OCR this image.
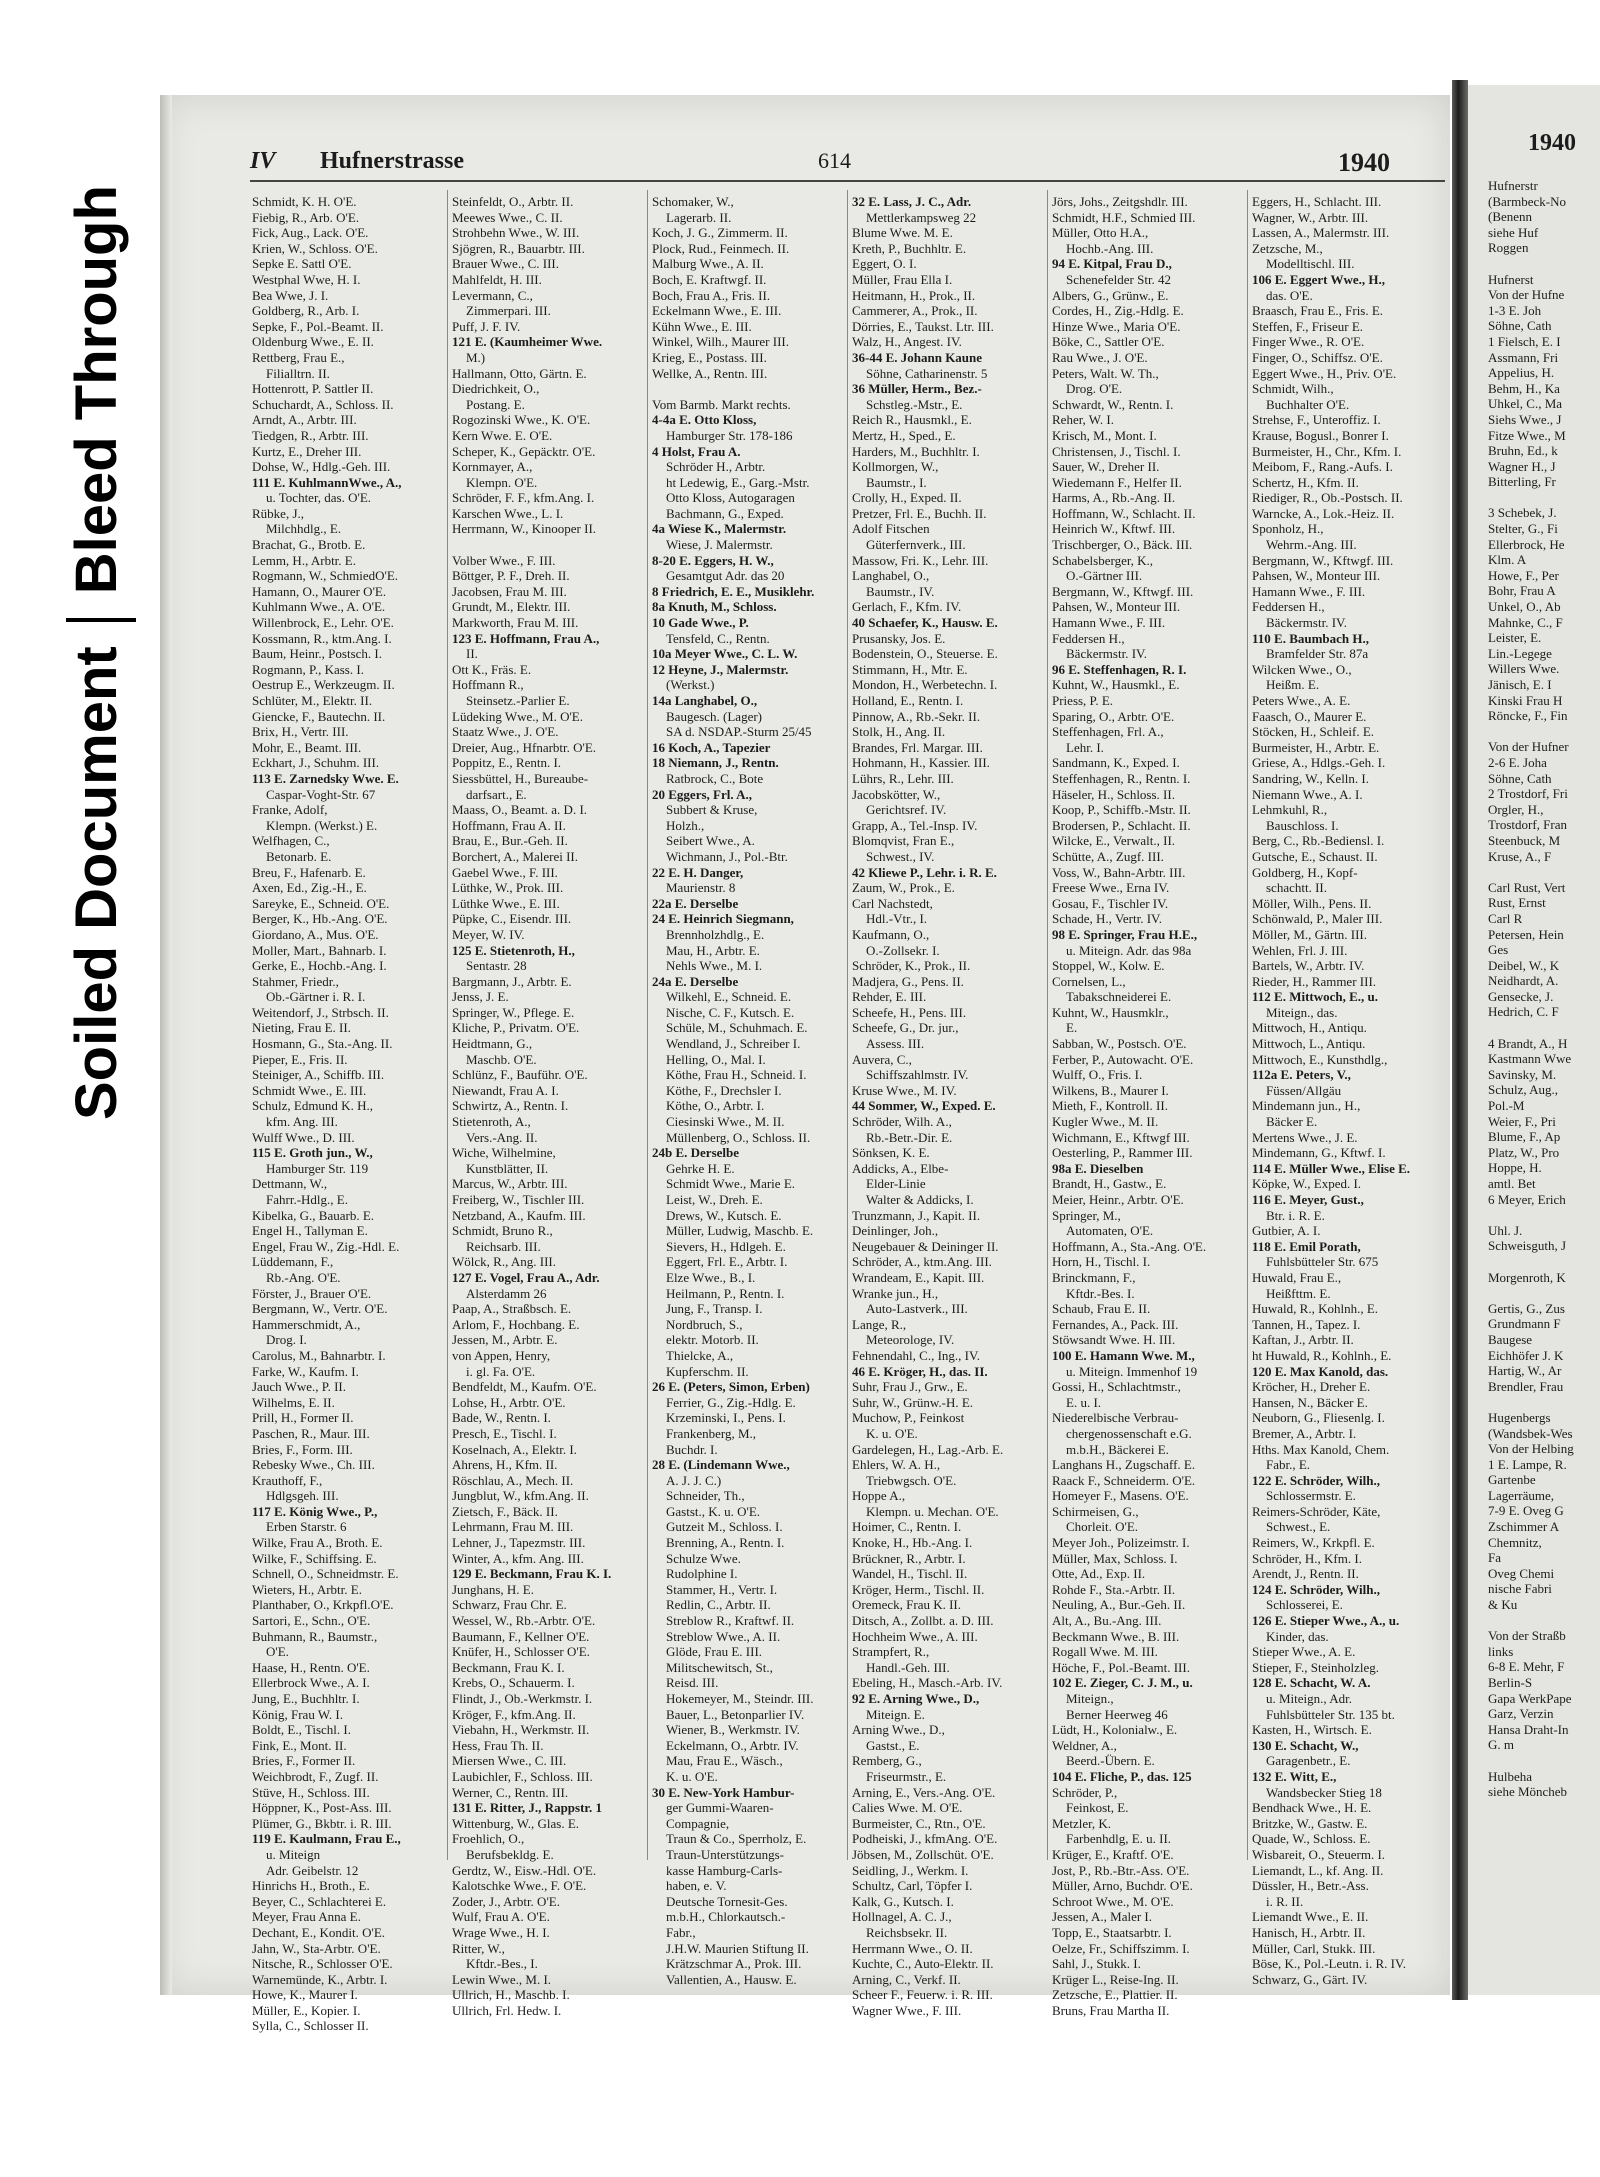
Soiled DocumentBleed Through
IV Hufnerstrasse	614	1940
Schmidt, K. H. O'E.
Fiebig, R., Arb. O'E.
Fick, Aug., Lack. O'E.
Krien, W., Schloss. O'E.
Sepke E. Sattl O'E.
Westphal Wwe, H. I.
Bea Wwe, J. I.
Goldberg, R., Arb. I.
Sepke, F., Pol.-Beamt. II.
Oldenburg Wwe., E. II.
Rettberg, Frau E.,
Filialltrn. II.
Hottenrott, P. Sattler II.
Schuchardt, A., Schloss. II.
Arndt, A., Arbtr. III.
Tiedgen, R., Arbtr. III.
Kurtz, E., Dreher III.
Dohse, W., Hdlg.-Geh. III.
111 E. KuhlmannWwe., A.,
u. Tochter, das. O'E.
Rübke, J.,
Milchhdlg., E.
Brachat, G., Brotb. E.
Lemm, H., Arbtr. E.
Rogmann, W., SchmiedO'E.
Hamann, O., Maurer O'E.
Kuhlmann Wwe., A. O'E.
Willenbrock, E., Lehr. O'E.
Kossmann, R., ktm.Ang. I.
Baum, Heinr., Postsch. I.
Rogmann, P., Kass. I.
Oestrup E., Werkzeugm. II.
Schlüter, M., Elektr. II.
Giencke, F., Bautechn. II.
Brix, H., Vertr. III.
Mohr, E., Beamt. III.
Eckhart, J., Schuhm. III.
113 E. Zarnedsky Wwe. E.
Caspar-Voght-Str. 67
Franke, Adolf,
Klempn. (Werkst.) E.
Welfhagen, C.,
Betonarb. E.
Breu, F., Hafenarb. E.
Axen, Ed., Zig.-H., E.
Sareyke, E., Schneid. O'E.
Berger, K., Hb.-Ang. O'E.
Giordano, A., Mus. O'E.
Moller, Mart., Bahnarb. I.
Gerke, E., Hochb.-Ang. I.
Stahmer, Friedr.,
Ob.-Gärtner i. R. I.
Weitendorf, J., Strbsch. II.
Nieting, Frau E. II.
Hosmann, G., Sta.-Ang. II.
Pieper, E., Fris. II.
Steiniger, A., Schiffb. III.
Schmidt Wwe., E. III.
Schulz, Edmund K. H.,
kfm. Ang. III.
Wulff Wwe., D. III.
115 E. Groth jun., W.,
Hamburger Str. 119
Dettmann, W.,
Fahrr.-Hdlg., E.
Kibelka, G., Bauarb. E.
Engel H., Tallyman E.
Engel, Frau W., Zig.-Hdl. E.
Lüddemann, F.,
Rb.-Ang. O'E.
Förster, J., Brauer O'E.
Bergmann, W., Vertr. O'E.
Hammerschmidt, A.,
Drog. I.
Carolus, M., Bahnarbtr. I.
Farke, W., Kaufm. I.
Jauch Wwe., P. II.
Wilhelms, E. II.
Prill, H., Former II.
Paschen, R., Maur. III.
Bries, F., Form. III.
Rebesky Wwe., Ch. III.
Krauthoff, F.,
Hdlgsgeh. III.
117 E. König Wwe., P.,
Erben Starstr. 6
Wilke, Frau A., Broth. E.
Wilke, F., Schiffsing. E.
Schnell, O., Schneidmstr. E.
Wieters, H., Arbtr. E.
Planthaber, O., Krkpfl.O'E.
Sartori, E., Schn., O'E.
Buhmann, R., Baumstr.,
O'E.
Haase, H., Rentn. O'E.
Ellerbrock Wwe., A. I.
Jung, E., Buchhltr. I.
König, Frau W. I.
Boldt, E., Tischl. I.
Fink, E., Mont. II.
Bries, F., Former II.
Weichbrodt, F., Zugf. II.
Stüve, H., Schloss. III.
Höppner, K., Post-Ass. III.
Plümer, G., Bkbtr. i. R. III.
119 E. Kaulmann, Frau E.,
u. Miteign
Adr. Geibelstr. 12
Hinrichs H., Broth., E.
Beyer, C., Schlachterei E.
Meyer, Frau Anna E.
Dechant, E., Kondit. O'E.
Jahn, W., Sta-Arbtr. O'E.
Nitsche, R., Schlosser O'E.
Warnemünde, K., Arbtr. I.
Howe, K., Maurer I.
Müller, E., Kopier. I.
Sylla, C., Schlosser II.
Steinfeldt, O., Arbtr. II.
Meewes Wwe., C. II.
Strohbehn Wwe., W. III.
Sjögren, R., Bauarbtr. III.
Brauer Wwe., C. III.
Mahlfeldt, H. III.
Levermann, C.,
Zimmerpari. III.
Puff, J. F. IV.
121 E. (Kaumheimer Wwe.
M.)
Hallmann, Otto, Gärtn. E.
Diedrichkeit, O.,
Postang. E.
Rogozinski Wwe., K. O'E.
Kern Wwe. E. O'E.
Scheper, K., Gepäcktr. O'E.
Kornmayer, A.,
Klempn. O'E.
Schröder, F. F., kfm.Ang. I.
Karschen Wwe., L. I.
Herrmann, W., Kinooper II.

Volber Wwe., F. III.
Böttger, P. F., Dreh. II.
Jacobsen, Frau M. III.
Grundt, M., Elektr. III.
Markworth, Frau M. III.
123 E. Hoffmann, Frau A.,
II.
Ott K., Fräs. E.
Hoffmann R.,
Steinsetz.-Parlier E.
Lüdeking Wwe., M. O'E.
Staatz Wwe., J. O'E.
Dreier, Aug., Hfnarbtr. O'E.
Poppitz, E., Rentn. I.
Siessbüttel, H., Bureaube-
darfsart., E.
Maass, O., Beamt. a. D. I.
Hoffmann, Frau A. II.
Brau, E., Bur.-Geh. II.
Borchert, A., Malerei II.
Gaebel Wwe., F. III.
Lüthke, W., Prok. III.
Lüthke Wwe., E. III.
Püpke, C., Eisendr. III.
Meyer, W. IV.
125 E. Stietenroth, H.,
Sentastr. 28
Bargmann, J., Arbtr. E.
Jenss, J. E.
Springer, W., Pflege. E.
Kliche, P., Privatm. O'E.
Heidtmann, G.,
Maschb. O'E.
Schlünz, F., Bauführ. O'E.
Niewandt, Frau A. I.
Schwirtz, A., Rentn. I.
Stietenroth, A.,
Vers.-Ang. II.
Wiche, Wilhelmine,
Kunstblätter, II.
Marcus, W., Arbtr. III.
Freiberg, W., Tischler III.
Netzband, A., Kaufm. III.
Schmidt, Bruno R.,
Reichsarb. III.
Wölck, R., Ang. III.
127 E. Vogel, Frau A., Adr.
Alsterdamm 26
Paap, A., Straßbsch. E.
Arlom, F., Hochbang. E.
Jessen, M., Arbtr. E.
von Appen, Henry,
i. gl. Fa. O'E.
Bendfeldt, M., Kaufm. O'E.
Lohse, H., Arbtr. O'E.
Bade, W., Rentn. I.
Presch, E., Tischl. I.
Koselnach, A., Elektr. I.
Ahrens, H., Kfm. II.
Röschlau, A., Mech. II.
Jungblut, W., kfm.Ang. II.
Zietsch, F., Bäck. II.
Lehrmann, Frau M. III.
Lehner, J., Tapezmstr. III.
Winter, A., kfm. Ang. III.
129 E. Beckmann, Frau K. I.
Junghans, H. E.
Schwarz, Frau Chr. E.
Wessel, W., Rb.-Arbtr. O'E.
Baumann, F., Kellner O'E.
Knüfer, H., Schlosser O'E.
Beckmann, Frau K. I.
Krebs, O., Schauerm. I.
Flindt, J., Ob.-Werkmstr. I.
Kröger, F., kfm.Ang. II.
Viebahn, H., Werkmstr. II.
Hess, Frau Th. II.
Miersen Wwe., C. III.
Laubichler, F., Schloss. III.
Werner, C., Rentn. III.
131 E. Ritter, J., Rappstr. 1
Wittenburg, W., Glas. E.
Froehlich, O.,
Berufsbekldg. E.
Gerdtz, W., Eisw.-Hdl. O'E.
Kalotschke Wwe., F. O'E.
Zoder, J., Arbtr. O'E.
Wulf, Frau A. O'E.
Wrage Wwe., H. I.
Ritter, W.,
Kftdr.-Bes., I.
Lewin Wwe., M. I.
Ullrich, H., Maschb. I.
Ullrich, Frl. Hedw. I.
Schomaker, W.,
Lagerarb. II.
Koch, J. G., Zimmerm. II.
Plock, Rud., Feinmech. II.
Malburg Wwe., A. II.
Boch, E. Kraftwgf. II.
Boch, Frau A., Fris. II.
Eckelmann Wwe., E. III.
Kühn Wwe., E. III.
Winkel, Wilh., Maurer III.
Krieg, E., Postass. III.
Wellke, A., Rentn. III.

Vom Barmb. Markt rechts.
4-4a E. Otto Kloss,
Hamburger Str. 178-186
4 Holst, Frau A.
Schröder H., Arbtr.
ht Ledewig, E., Garg.-Mstr.
Otto Kloss, Autogaragen
Bachmann, G., Exped.
4a Wiese K., Malermstr.
Wiese, J. Malermstr.
8-20 E. Eggers, H. W.,
Gesamtgut Adr. das 20
8 Friedrich, E. E., Musiklehr.
8a Knuth, M., Schloss.
10 Gade Wwe., P.
Tensfeld, C., Rentn.
10a Meyer Wwe., C. L. W.
12 Heyne, J., Malermstr.
(Werkst.)
14a Langhabel, O.,
Baugesch. (Lager)
SA d. NSDAP.-Sturm 25/45
16 Koch, A., Tapezier
18 Niemann, J., Rentn.
Ratbrock, C., Bote
20 Eggers, Frl. A.,
Subbert & Kruse,
Holzh.,
Seibert Wwe., A.
Wichmann, J., Pol.-Btr.
22 E. H. Danger,
Maurienstr. 8
22a E. Derselbe
24 E. Heinrich Siegmann,
Brennholzhdlg., E.
Mau, H., Arbtr. E.
Nehls Wwe., M. I.
24a E. Derselbe
Wilkehl, E., Schneid. E.
Nische, C. F., Kutsch. E.
Schüle, M., Schuhmach. E.
Wendland, J., Schreiber I.
Helling, O., Mal. I.
Köthe, Frau H., Schneid. I.
Köthe, F., Drechsler I.
Köthe, O., Arbtr. I.
Ciesinski Wwe., M. II.
Müllenberg, O., Schloss. II.
24b E. Derselbe
Gehrke H. E.
Schmidt Wwe., Marie E.
Leist, W., Dreh. E.
Drews, W., Kutsch. E.
Müller, Ludwig, Maschb. E.
Sievers, H., Hdlgeh. E.
Eggert, Frl. E., Arbtr. I.
Elze Wwe., B., I.
Heilmann, P., Rentn. I.
Jung, F., Transp. I.
Nordbruch, S.,
elektr. Motorb. II.
Thielcke, A.,
Kupferschm. II.
26 E. (Peters, Simon, Erben)
Ferrier, G., Zig.-Hdlg. E.
Krzeminski, I., Pens. I.
Frankenberg, M.,
Buchdr. I.
28 E. (Lindemann Wwe.,
A. J. J. C.)
Schneider, Th.,
Gastst., K. u. O'E.
Gutzeit M., Schloss. I.
Brenning, A., Rentn. I.
Schulze Wwe.
Rudolphine I.
Stammer, H., Vertr. I.
Redlin, C., Arbtr. II.
Streblow R., Kraftwf. II.
Streblow Wwe., A. II.
Glöde, Frau E. III.
Militschewitsch, St.,
Reisd. III.
Hokemeyer, M., Steindr. III.
Bauer, L., Betonparlier IV.
Wiener, B., Werkmstr. IV.
Eckelmann, O., Arbtr. IV.
Mau, Frau E., Wäsch.,
K. u. O'E.
30 E. New-York Hambur-
ger Gummi-Waaren-
Compagnie,
Traun & Co., Sperrholz, E.
Traun-Unterstützungs-
kasse Hamburg-Carls-
haben, e. V.
Deutsche Tornesit-Ges.
m.b.H., Chlorkautsch.-
Fabr.,
J.H.W. Maurien Stiftung II.
Krätzschmar A., Prok. III.
Vallentien, A., Hausw. E.
32 E. Lass, J. C., Adr.
Mettlerkampsweg 22
Blume Wwe. M. E.
Kreth, P., Buchhltr. E.
Eggert, O. I.
Müller, Frau Ella I.
Heitmann, H., Prok., II.
Cammerer, A., Prok., II.
Dörries, E., Taukst. Ltr. III.
Walz, H., Angest. IV.
36-44 E. Johann Kaune
Söhne, Catharinenstr. 5
36 Müller, Herm., Bez.-
Schstleg.-Mstr., E.
Reich R., Hausmkl., E.
Mertz, H., Sped., E.
Harders, M., Buchhltr. I.
Kollmorgen, W.,
Baumstr., I.
Crolly, H., Exped. II.
Pretzer, Frl. E., Buchh. II.
Adolf Fitschen
Güterfernverk., III.
Massow, Fri. K., Lehr. III.
Langhabel, O.,
Baumstr., IV.
Gerlach, F., Kfm. IV.
40 Schaefer, K., Hausw. E.
Prusansky, Jos. E.
Bodenstein, O., Steuerse. E.
Stimmann, H., Mtr. E.
Mondon, H., Werbetechn. I.
Holland, E., Rentn. I.
Pinnow, A., Rb.-Sekr. II.
Stolk, H., Ang. II.
Brandes, Frl. Margar. III.
Hohmann, H., Kassier. III.
Lührs, R., Lehr. III.
Jacobskötter, W.,
Gerichtsref. IV.
Grapp, A., Tel.-Insp. IV.
Blomqvist, Fran E.,
Schwest., IV.
42 Kliewe P., Lehr. i. R. E.
Zaum, W., Prok., E.
Carl Nachstedt,
Hdl.-Vtr., I.
Kaufmann, O.,
O.-Zollsekr. I.
Schröder, K., Prok., II.
Madjera, G., Pens. II.
Rehder, E. III.
Scheefe, H., Pens. III.
Scheefe, G., Dr. jur.,
Assess. III.
Auvera, C.,
Schiffszahlmstr. IV.
Kruse Wwe., M. IV.
44 Sommer, W., Exped. E.
Schröder, Wilh. A.,
Rb.-Betr.-Dir. E.
Sönksen, K. E.
Addicks, A., Elbe-
Elder-Linie
Walter & Addicks, I.
Trunzmann, J., Kapit. II.
Deinlinger, Joh.,
Neugebauer & Deininger II.
Schröder, A., ktm.Ang. III.
Wrandeam, E., Kapit. III.
Wranke jun., H.,
Auto-Lastverk., III.
Lange, R.,
Meteorologe, IV.
Fehnendahl, C., Ing., IV.
46 E. Kröger, H., das. II.
Suhr, Frau J., Grw., E.
Suhr, W., Grünw.-H. E.
Muchow, P., Feinkost
K. u. O'E.
Gardelegen, H., Lag.-Arb. E.
Ehlers, W. A. H.,
Triebwgsch. O'E.
Hoppe A.,
Klempn. u. Mechan. O'E.
Hoimer, C., Rentn. I.
Knoke, H., Hb.-Ang. I.
Brückner, R., Arbtr. I.
Wandel, H., Tischl. II.
Kröger, Herm., Tischl. II.
Oremeck, Frau K. II.
Ditsch, A., Zollbt. a. D. III.
Hochheim Wwe., A. III.
Strampfert, R.,
Handl.-Geh. III.
Ebeling, H., Masch.-Arb. IV.
92 E. Arning Wwe., D.,
Miteign. E.
Arning Wwe., D.,
Gastst., E.
Remberg, G.,
Friseurmstr., E.
Arning, E., Vers.-Ang. O'E.
Calies Wwe. M. O'E.
Burmeister, C., Rtn., O'E.
Podheiski, J., kfmAng. O'E.
Jöbsen, M., Zollschüt. O'E.
Seidling, J., Werkm. I.
Schultz, Carl, Töpfer I.
Kalk, G., Kutsch. I.
Hollnagel, A. C. J.,
Reichsbsekr. II.
Herrmann Wwe., O. II.
Kuchte, C., Auto-Elektr. II.
Arning, C., Verkf. II.
Scheer F., Feuerw. i. R. III.
Wagner Wwe., F. III.
Jörs, Johs., Zeitgshdlr. III.
Schmidt, H.F., Schmied III.
Müller, Otto H.A.,
Hochb.-Ang. III.
94 E. Kitpal, Frau D.,
Schenefelder Str. 42
Albers, G., Grünw., E.
Cordes, H., Zig.-Hdlg. E.
Hinze Wwe., Maria O'E.
Böke, C., Sattler O'E.
Rau Wwe., J. O'E.
Peters, Walt. W. Th.,
Drog. O'E.
Schwardt, W., Rentn. I.
Reher, W. I.
Krisch, M., Mont. I.
Christensen, J., Tischl. I.
Sauer, W., Dreher II.
Wiedemann F., Helfer II.
Harms, A., Rb.-Ang. II.
Hoffmann, W., Schlacht. II.
Heinrich W., Kftwf. III.
Trischberger, O., Bäck. III.
Schabelsberger, K.,
O.-Gärtner III.
Bergmann, W., Kftwgf. III.
Pahsen, W., Monteur III.
Hamann Wwe., F. III.
Feddersen H.,
Bäckermstr. IV.
96 E. Steffenhagen, R. I.
Kuhnt, W., Hausmkl., E.
Priess, P. E.
Sparing, O., Arbtr. O'E.
Steffenhagen, Frl. A.,
Lehr. I.
Sandmann, K., Exped. I.
Steffenhagen, R., Rentn. I.
Häseler, H., Schloss. II.
Koop, P., Schiffb.-Mstr. II.
Brodersen, P., Schlacht. II.
Wilcke, E., Verwalt., II.
Schütte, A., Zugf. III.
Voss, W., Bahn-Arbtr. III.
Freese Wwe., Erna IV.
Gosau, F., Tischler IV.
Schade, H., Vertr. IV.
98 E. Springer, Frau H.E.,
u. Miteign. Adr. das 98a
Stoppel, W., Kolw. E.
Cornelsen, L.,
Tabakschneiderei E.
Kuhnt, W., Hausmklr.,
E.
Sabban, W., Postsch. O'E.
Ferber, P., Autowacht. O'E.
Wulff, O., Fris. I.
Wilkens, B., Maurer I.
Mieth, F., Kontroll. II.
Kugler Wwe., M. II.
Wichmann, E., Kftwgf III.
Oesterling, P., Rammer III.
98a E. Dieselben
Brandt, H., Gastw., E.
Meier, Heinr., Arbtr. O'E.
Springer, M.,
Automaten, O'E.
Hoffmann, A., Sta.-Ang. O'E.
Horn, H., Tischl. I.
Brinckmann, F.,
Kftdr.-Bes. I.
Schaub, Frau E. II.
Fernandes, A., Pack. III.
Stöwsandt Wwe. H. III.
100 E. Hamann Wwe. M.,
u. Miteign. Immenhof 19
Gossi, H., Schlachtmstr.,
E. u. I.
Niederelbische Verbrau-
chergenossenschaft e.G.
m.b.H., Bäckerei E.
Langhans H., Zugschaff. E.
Raack F., Schneiderm. O'E.
Homeyer F., Masens. O'E.
Schirmeisen, G.,
Chorleit. O'E.
Meyer Joh., Polizeimstr. I.
Müller, Max, Schloss. I.
Otte, Ad., Exp. II.
Rohde F., Sta.-Arbtr. II.
Neuling, A., Bur.-Geh. II.
Alt, A., Bu.-Ang. III.
Beckmann Wwe., B. III.
Rogall Wwe. M. III.
Höche, F., Pol.-Beamt. III.
102 E. Zieger, C. J. M., u.
Miteign.,
Berner Heerweg 46
Lüdt, H., Kolonialw., E.
Weldner, A.,
Beerd.-Übern. E.
104 E. Fliche, P., das. 125
Schröder, P.,
Feinkost, E.
Metzler, K.
Farbenhdlg, E. u. II.
Krüger, E., Kraftf. O'E.
Jost, P., Rb.-Btr.-Ass. O'E.
Müller, Arno, Buchdr. O'E.
Schroot Wwe., M. O'E.
Jessen, A., Maler I.
Topp, E., Staatsarbtr. I.
Oelze, Fr., Schiffszimm. I.
Sahl, J., Stukk. I.
Krüger L., Reise-Ing. II.
Zetzsche, E., Plattier. II.
Bruns, Frau Martha II.
Eggers, H., Schlacht. III.
Wagner, W., Arbtr. III.
Lassen, A., Malermstr. III.
Zetzsche, M.,
Modelltischl. III.
106 E. Eggert Wwe., H.,
das. O'E.
Braasch, Frau E., Fris. E.
Steffen, F., Friseur E.
Finger Wwe., R. O'E.
Finger, O., Schiffsz. O'E.
Eggert Wwe., H., Priv. O'E.
Schmidt, Wilh.,
Buchhalter O'E.
Strehse, F., Unteroffiz. I.
Krause, Bogusl., Bonrer I.
Burmeister, H., Chr., Kfm. I.
Meibom, F., Rang.-Aufs. I.
Schertz, H., Kfm. II.
Riediger, R., Ob.-Postsch. II.
Warncke, A., Lok.-Heiz. II.
Sponholz, H.,
Wehrm.-Ang. III.
Bergmann, W., Kftwgf. III.
Pahsen, W., Monteur III.
Hamann Wwe., F. III.
Feddersen H.,
Bäckermstr. IV.
110 E. Baumbach H.,
Bramfelder Str. 87a
Wilcken Wwe., O.,
Heißm. E.
Peters Wwe., A. E.
Faasch, O., Maurer E.
Stöcken, H., Schleif. E.
Burmeister, H., Arbtr. E.
Griese, A., Hdlgs.-Geh. I.
Sandring, W., Kelln. I.
Niemann Wwe., A. I.
Lehmkuhl, R.,
Bauschloss. I.
Berg, C., Rb.-Bediensl. I.
Gutsche, E., Schaust. II.
Goldberg, H., Kopf-
schachtt. II.
Möller, Wilh., Pens. II.
Schönwald, P., Maler III.
Möller, M., Gärtn. III.
Wehlen, Frl. J. III.
Bartels, W., Arbtr. IV.
Rieder, H., Rammer III.
112 E. Mittwoch, E., u.
Miteign., das.
Mittwoch, H., Antiqu.
Mittwoch, L., Antiqu.
Mittwoch, E., Kunsthdlg.,
112a E. Peters, V.,
Füssen/Allgäu
Mindemann jun., H.,
Bäcker E.
Mertens Wwe., J. E.
Mindemann, G., Kftwf. I.
114 E. Müller Wwe., Elise E.
Köpke, W., Exped. I.
116 E. Meyer, Gust.,
Btr. i. R. E.
Gutbier, A. I.
118 E. Emil Porath,
Fuhlsbütteler Str. 675
Huwald, Frau E.,
Heißfttm. E.
Huwald, R., Kohlnh., E.
Tannen, H., Tapez. I.
Kaftan, J., Arbtr. II.
ht Huwald, R., Kohlnh., E.
120 E. Max Kanold, das.
Kröcher, H., Dreher E.
Hansen, N., Bäcker E.
Neuborn, G., Fliesenlg. I.
Bremer, A., Arbtr. I.
Hths. Max Kanold, Chem.
Fabr., E.
122 E. Schröder, Wilh.,
Schlossermstr. E.
Reimers-Schröder, Käte,
Schwest., E.
Reimers, W., Krkpfl. E.
Schröder, H., Kfm. I.
Arendt, J., Rentn. II.
124 E. Schröder, Wilh.,
Schlosserei, E.
126 E. Stieper Wwe., A., u.
Kinder, das.
Stieper Wwe., A. E.
Stieper, F., Steinholzleg.
128 E. Schacht, W. A.
u. Miteign., Adr.
Fuhlsbütteler Str. 135 bt.
Kasten, H., Wirtsch. E.
130 E. Schacht, W.,
Garagenbetr., E.
132 E. Witt, E.,
Wandsbecker Stieg 18
Bendhack Wwe., H. E.
Britzke, W., Gastw. E.
Quade, W., Schloss. E.
Wisbareit, O., Steuerm. I.
Liemandt, L., kf. Ang. II.
Düssler, H., Betr.-Ass.
i. R. II.
Liemandt Wwe., E. II.
Hanisch, H., Arbtr. II.
Müller, Carl, Stukk. III.
Böse, K., Pol.-Leutn. i. R. IV.
Schwarz, G., Gärt. IV.
1940
Hufnerstr
(Barmbeck-No
(Benenn
siehe Huf
Roggen

Hufnerst
Von der Hufne
1-3 E. Joh
Söhne, Cath
1 Fielsch, E. I
Assmann, Fri
Appelius, H.
Behm, H., Ka
Uhkel, C., Ma
Siehs Wwe., J
Fitze Wwe., M
Bruhn, Ed., k
Wagner H., J
Bitterling, Fr

3 Schebek, J.
Stelter, G., Fi
Ellerbrock, He
Klm. A
Howe, F., Per
Bohr, Frau A
Unkel, O., Ab
Mahnke, C., F
Leister, E.
Lin.-Legege
Willers Wwe.
Jänisch, E. I
Kinski Frau H
Röncke, F., Fin

Von der Hufner
2-6 E. Joha
Söhne, Cath
2 Trostdorf, Fri
Orgler, H.,
Trostdorf, Fran
Steenbuck, M
Kruse, A., F

Carl Rust, Vert
Rust, Ernst
Carl R
Petersen, Hein
Ges
Deibel, W., K
Neidhardt, A.
Gensecke, J.
Hedrich, C. F

4 Brandt, A., H
Kastmann Wwe
Savinsky, M.
Schulz, Aug.,
Pol.-M
Weier, F., Pri
Blume, F., Ap
Platz, W., Pro
Hoppe, H.
amtl. Bet
6 Meyer, Erich

Uhl. J.
Schweisguth, J

Morgenroth, K

Gertis, G., Zus
Grundmann F
Baugese
Eichhöfer J. K
Hartig, W., Ar
Brendler, Frau

Hugenbergs
(Wandsbek-Wes
Von der Helbing
1 E. Lampe, R.
Gartenbe
Lagerräume,
7-9 E. Oveg G
Zschimmer A
Chemnitz,
Fa
Oveg Chemi
nische Fabri
& Ku

Von der Straßb
links
6-8 E. Mehr, F
Berlin-S
Gapa WerkPape
Garz, Verzin
Hansa Draht-In
G. m

Hulbeha
siehe Möncheb
